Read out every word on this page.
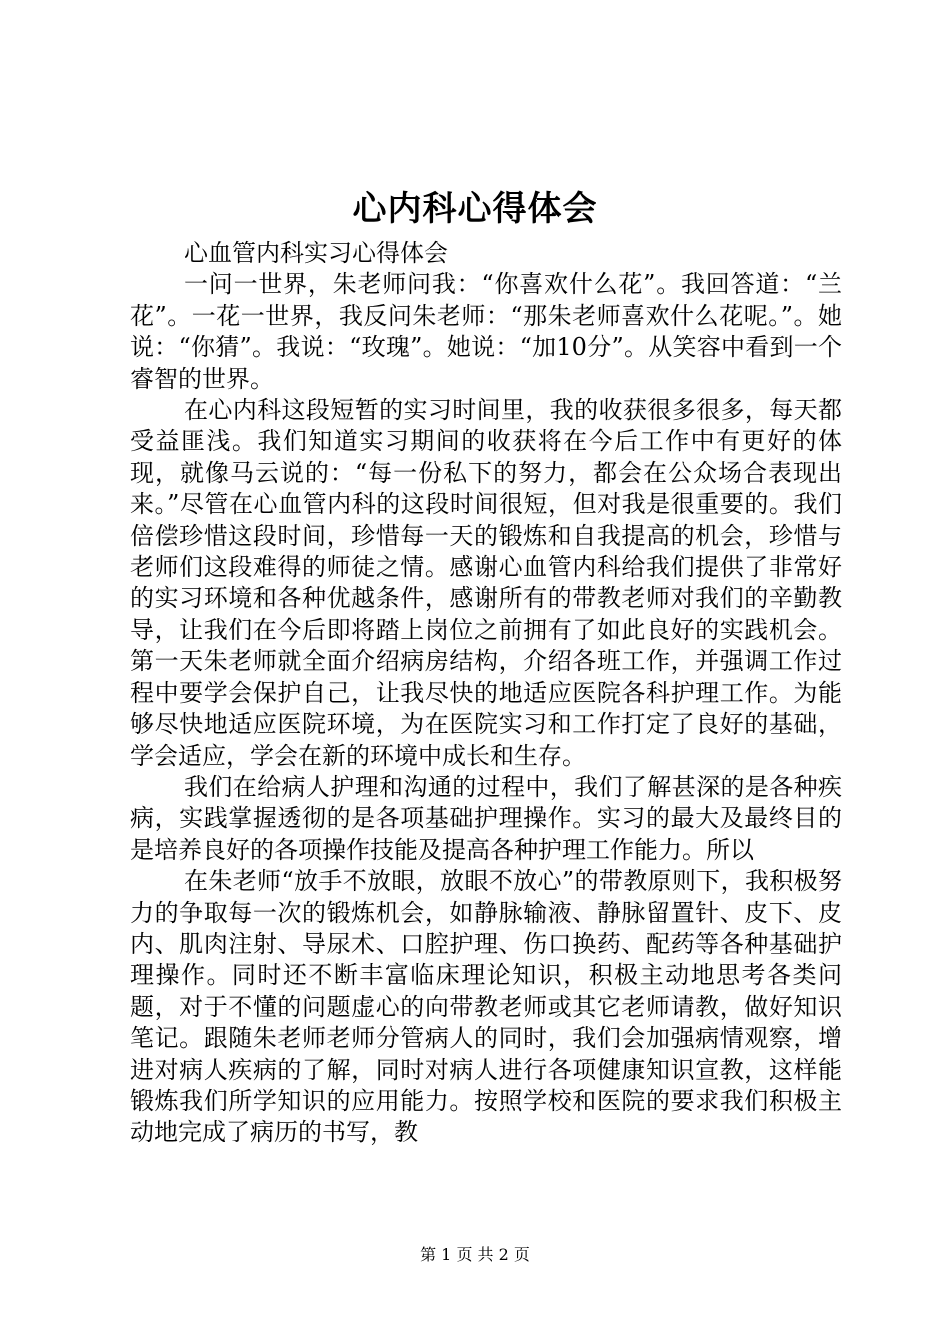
心内科心得体会

心血管内科实习心得体会

一问一世界，朱老师问我：“你喜欢什么花”。我回答道：“兰花”。一花一世界，我反问朱老师：“那朱老师喜欢什么花呢。”。她说：“你猜”。我说：“玫瑰”。她说：“加10分”。从笑容中看到一个睿智的世界。

在心内科这段短暂的实习时间里，我的收获很多很多，每天都受益匪浅。我们知道实习期间的收获将在今后工作中有更好的体现，就像马云说的：“每一份私下的努力，都会在公众场合表现出来。”尽管在心血管内科的这段时间很短，但对我是很重要的。我们倍偿珍惜这段时间，珍惜每一天的锻炼和自我提高的机会，珍惜与老师们这段难得的师徒之情。感谢心血管内科给我们提供了非常好的实习环境和各种优越条件，感谢所有的带教老师对我们的辛勤教导，让我们在今后即将踏上岗位之前拥有了如此良好的实践机会。第一天朱老师就全面介绍病房结构，介绍各班工作，并强调工作过程中要学会保护自己，让我尽快的地适应医院各科护理工作。为能够尽快地适应医院环境，为在医院实习和工作打定了良好的基础，学会适应，学会在新的环境中成长和生存。

我们在给病人护理和沟通的过程中，我们了解甚深的是各种疾病，实践掌握透彻的是各项基础护理操作。实习的最大及最终目的是培养良好的各项操作技能及提高各种护理工作能力。所以

在朱老师“放手不放眼，放眼不放心”的带教原则下，我积极努力的争取每一次的锻炼机会，如静脉输液、静脉留置针、皮下、皮内、肌肉注射、导尿术、口腔护理、伤口换药、配药等各种基础护理操作。同时还不断丰富临床理论知识，积极主动地思考各类问题，对于不懂的问题虚心的向带教老师或其它老师请教，做好知识笔记。跟随朱老师老师分管病人的同时，我们会加强病情观察，增进对病人疾病的了解，同时对病人进行各项健康知识宣教，这样能锻炼我们所学知识的应用能力。按照学校和医院的要求我们积极主动地完成了病历的书写，教

第 1 页 共 2 页
